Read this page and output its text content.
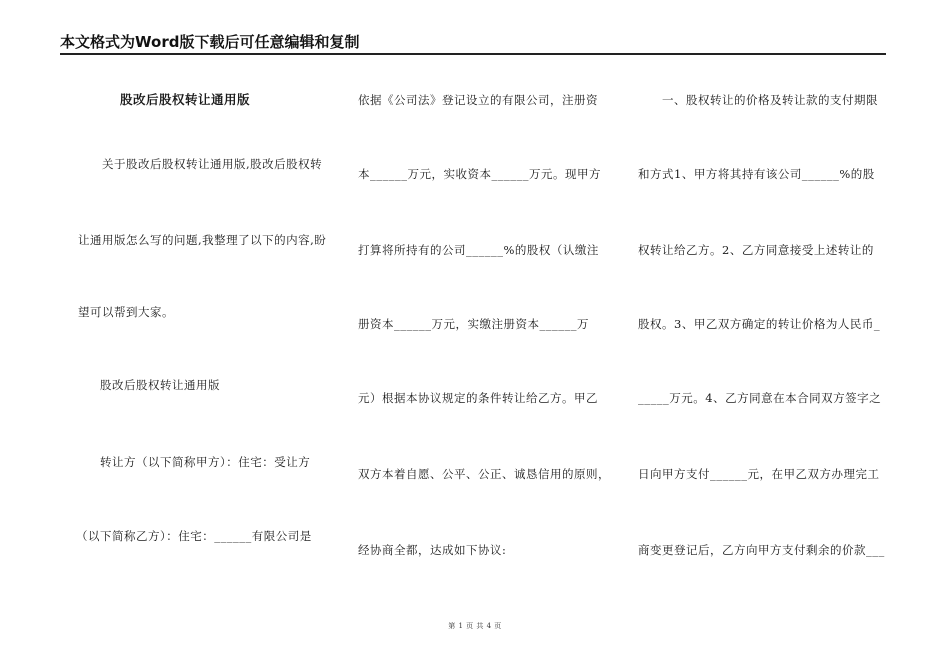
本文格式为Word版下载后可任意编辑和复制
股改后股权转让通用版
关于股改后股权转让通用版,股改后股权转
让通用版怎么写的问题,我整理了以下的内容,盼
望可以帮到大家。
股改后股权转让通用版
转让方（以下简称甲方）：住宅：受让方
（以下简称乙方）：住宅：______有限公司是
依据《公司法》登记设立的有限公司，注册资
本______万元，实收资本______万元。现甲方
打算将所持有的公司______%的股权（认缴注
册资本______万元，实缴注册资本______万
元）根据本协议规定的条件转让给乙方。甲乙
双方本着自愿、公平、公正、诚恳信用的原则，
经协商全都，达成如下协议:
一、股权转让的价格及转让款的支付期限
和方式1、甲方将其持有该公司______%的股
权转让给乙方。2、乙方同意接受上述转让的
股权。3、甲乙双方确定的转让价格为人民币_
_____万元。4、乙方同意在本合同双方签字之
日向甲方支付______元，在甲乙双方办理完工
商变更登记后，乙方向甲方支付剩余的价款___
第 1 页 共 4 页
